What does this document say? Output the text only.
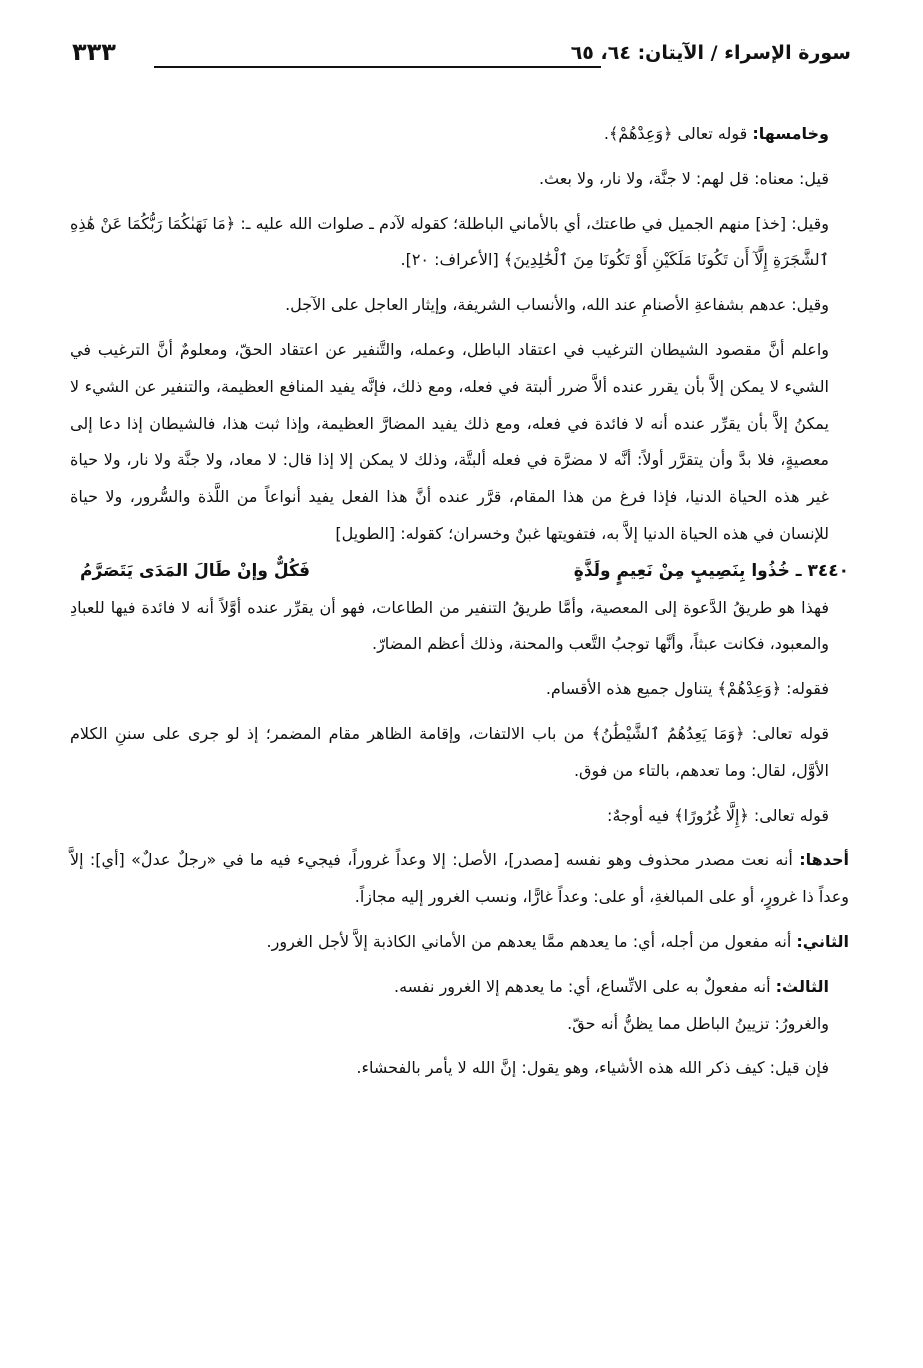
سورة الإسراء / الآيتان: ٦٤، ٦٥
٣٣٣

وخامسها: قوله تعالى ﴿وَعِدْهُمْ﴾.

قيل: معناه: قل لهم: لا جنَّة، ولا نار، ولا بعث.

وقيل: [خذ] منهم الجميل في طاعتك، أي بالأماني الباطلة؛ كقوله لآدم ـ صلوات الله عليه ـ: ﴿مَا نَهَىٰكُمَا رَبُّكُمَا عَنْ هَٰذِهِ ٱلشَّجَرَةِ إِلَّآ أَن تَكُونَا مَلَكَيْنِ أَوْ تَكُونَا مِنَ ٱلْخَٰلِدِينَ﴾ [الأعراف: ٢٠].

وقيل: عدهم بشفاعةِ الأصنامِ عند الله، والأنساب الشريفة، وإيثار العاجل على الآجل.

واعلم أنَّ مقصود الشيطان الترغيب في اعتقاد الباطل، وعمله، والتَّنفير عن اعتقاد الحقّ، ومعلومٌ أنَّ الترغيب في الشيء لا يمكن إلاَّ بأن يقرر عنده ألاَّ ضرر ألبتة في فعله، ومع ذلك، فإنَّه يفيد المنافع العظيمة، والتنفير عن الشيء لا يمكنُ إلاَّ بأن يقرِّر عنده أنه لا فائدة في فعله، ومع ذلك يفيد المضارَّ العظيمة، وإذا ثبت هذا، فالشيطان إذا دعا إلى معصيةٍ، فلا بدَّ وأن يتقرَّر أولاً: أنَّه لا مضرَّة في فعله ألبتَّة، وذلك لا يمكن إلا إذا قال: لا معاد، ولا جنَّة ولا نار، ولا حياة غير هذه الحياة الدنيا، فإذا فرغ من هذا المقام، قرَّر عنده أنَّ هذا الفعل يفيد أنواعاً من اللَّذة والسُّرور، ولا حياة للإنسان في هذه الحياة الدنيا إلاَّ به، فتفويتها غبنٌ وخسران؛ كقوله: [الطويل]

٣٤٤٠ ـ خُذُوا بِنَصِيبٍ مِنْ نَعِيمٍ ولَذَّةٍ
فَكُلٌّ وإنْ طَالَ المَدَى يَتَصَرَّمُ

فهذا هو طريقُ الدَّعوة إلى المعصية، وأمَّا طريقُ التنفير من الطاعات، فهو أن يقرِّر عنده أوَّلاً أنه لا فائدة فيها للعبادِ والمعبود، فكانت عبثاً، وأنَّها توجبُ التَّعب والمحنة، وذلك أعظم المضارّ.

فقوله: ﴿وَعِدْهُمْ﴾ يتناول جميع هذه الأقسام.

قوله تعالى: ﴿وَمَا يَعِدُهُمُ ٱلشَّيْطَٰنُ﴾ من باب الالتفات، وإقامة الظاهر مقام المضمر؛ إذ لو جرى على سننِ الكلام الأوَّل، لقال: وما تعدهم، بالتاء من فوق.

قوله تعالى: ﴿إِلَّا غُرُورًا﴾ فيه أوجهٌ:

أحدها: أنه نعت مصدر محذوف وهو نفسه [مصدر]، الأصل: إلا وعداً غروراً، فيجيء فيه ما في «رجلٌ عدلٌ» [أي]: إلاَّ وعداً ذا غرورٍ، أو على المبالغةِ، أو على: وعداً غارًّا، ونسب الغرور إليه مجازاً.

الثاني: أنه مفعول من أجله، أي: ما يعدهم ممَّا يعدهم من الأماني الكاذبة إلاَّ لأجل الغرور.

الثالث: أنه مفعولٌ به على الاتِّساع، أي: ما يعدهم إلا الغرور نفسه.

والغرورُ: تزيينُ الباطل مما يظنُّ أنه حقّ.

فإن قيل: كيف ذكر الله هذه الأشياء، وهو يقول: إنَّ الله لا يأمر بالفحشاء.
